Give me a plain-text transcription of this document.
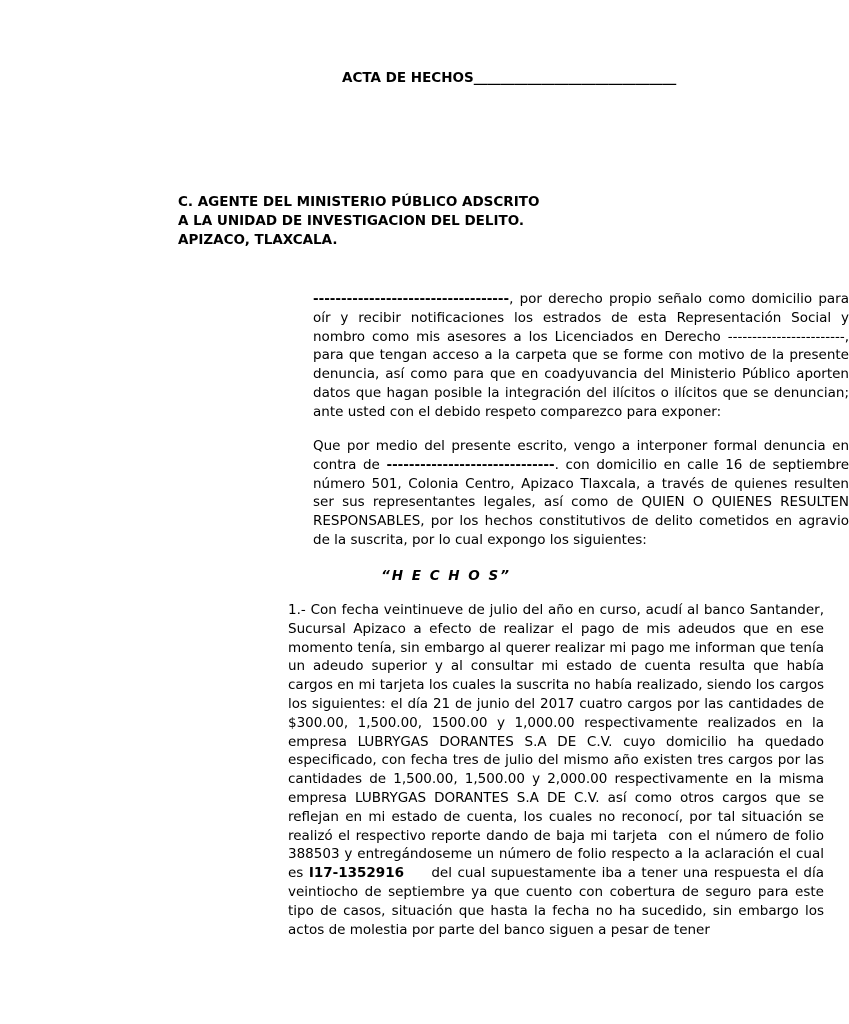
ACTA DE HECHOS______________________________
C. AGENTE DEL MINISTERIO PÚBLICO ADSCRITO
A LA UNIDAD DE INVESTIGACION DEL DELITO.
APIZACO, TLAXCALA.
-----------------------------------, por derecho propio señalo como domicilio para oír y recibir notificaciones los estrados de esta Representación Social y nombro como mis asesores a los Licenciados en Derecho ------------------------, para que tengan acceso a la carpeta que se forme con motivo de la presente denuncia, así como para que en coadyuvancia del Ministerio Público aporten datos que hagan posible la integración del ilícitos o ilícitos que se denuncian; ante usted con el debido respeto comparezco para exponer:
Que por medio del presente escrito, vengo a interponer formal denuncia en contra de ------------------------------. con domicilio en calle 16 de septiembre número 501, Colonia Centro, Apizaco Tlaxcala, a través de quienes resulten ser sus representantes legales, así como de QUIEN O QUIENES RESULTEN RESPONSABLES, por los hechos constitutivos de delito cometidos en agravio de la suscrita, por lo cual expongo los siguientes:
“H E C H O S”
1.- Con fecha veintinueve de julio del año en curso, acudí al banco Santander, Sucursal Apizaco a efecto de realizar el pago de mis adeudos que en ese momento tenía, sin embargo al querer realizar mi pago me informan que tenía un adeudo superior y al consultar mi estado de cuenta resulta que había cargos en mi tarjeta los cuales la suscrita no había realizado, siendo los cargos los siguientes: el día 21 de junio del 2017 cuatro cargos por las cantidades de $300.00, 1,500.00, 1500.00 y 1,000.00 respectivamente realizados en la empresa LUBRYGAS DORANTES S.A DE C.V. cuyo domicilio ha quedado especificado, con fecha tres de julio del mismo año existen tres cargos por las cantidades de 1,500.00, 1,500.00 y 2,000.00 respectivamente en la misma empresa LUBRYGAS DORANTES S.A DE C.V. así como otros cargos que se reflejan en mi estado de cuenta, los cuales no reconocí, por tal situación se realizó el respectivo reporte dando de baja mi tarjeta  con el número de folio 388503 y entregándoseme un número de folio respecto a la aclaración el cual es I17-1352916     del cual supuestamente iba a tener una respuesta el día veintiocho de septiembre ya que cuento con cobertura de seguro para este tipo de casos, situación que hasta la fecha no ha sucedido, sin embargo los actos de molestia por parte del banco siguen a pesar de tener
